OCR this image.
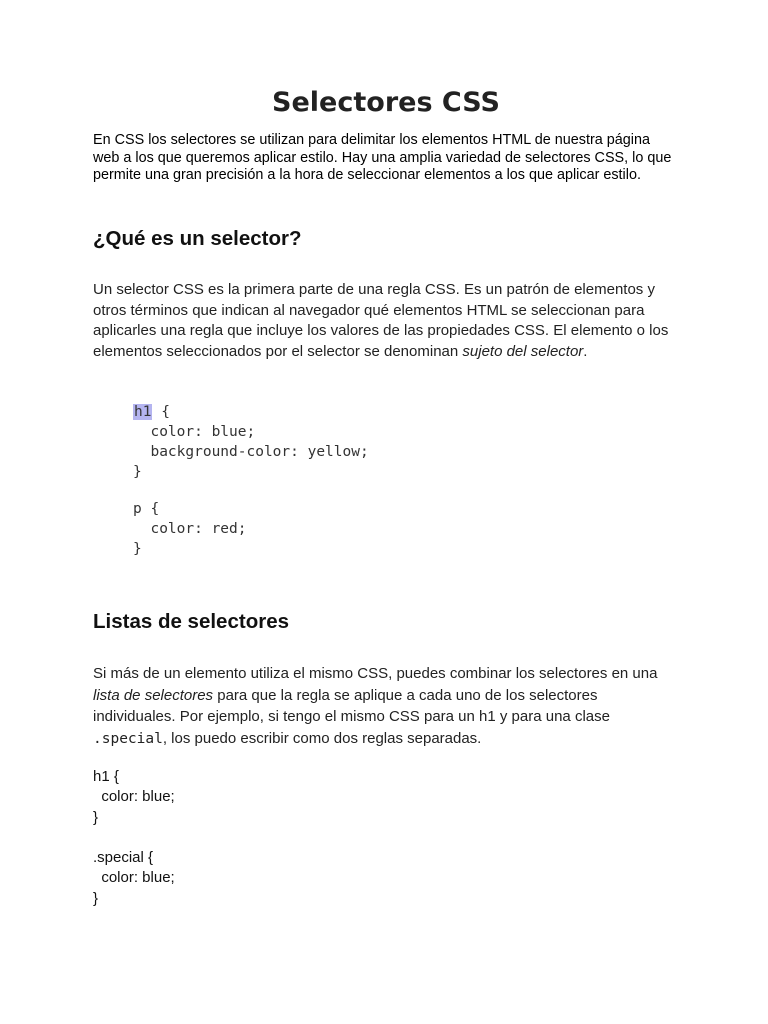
Selectores CSS

En CSS los selectores se utilizan para delimitar los elementos HTML de nuestra página web a los que queremos aplicar estilo. Hay una amplia variedad de selectores CSS, lo que permite una gran precisión a la hora de seleccionar elementos a los que aplicar estilo.

¿Qué es un selector?

Un selector CSS es la primera parte de una regla CSS. Es un patrón de elementos y otros términos que indican al navegador qué elementos HTML se seleccionan para aplicarles una regla que incluye los valores de las propiedades CSS. El elemento o los elementos seleccionados por el selector se denominan sujeto del selector.

h1 {
color: blue;
background-color: yellow;
}
p {
color: red;
}
Listas de selectores

Si más de un elemento utiliza el mismo CSS, puedes combinar los selectores en una lista de selectores para que la regla se aplique a cada uno de los selectores individuales. Por ejemplo, si tengo el mismo CSS para un h1 y para una clase .special, los puedo escribir como dos reglas separadas.

h1 {
color: blue;
}
.special {
color: blue;
}
